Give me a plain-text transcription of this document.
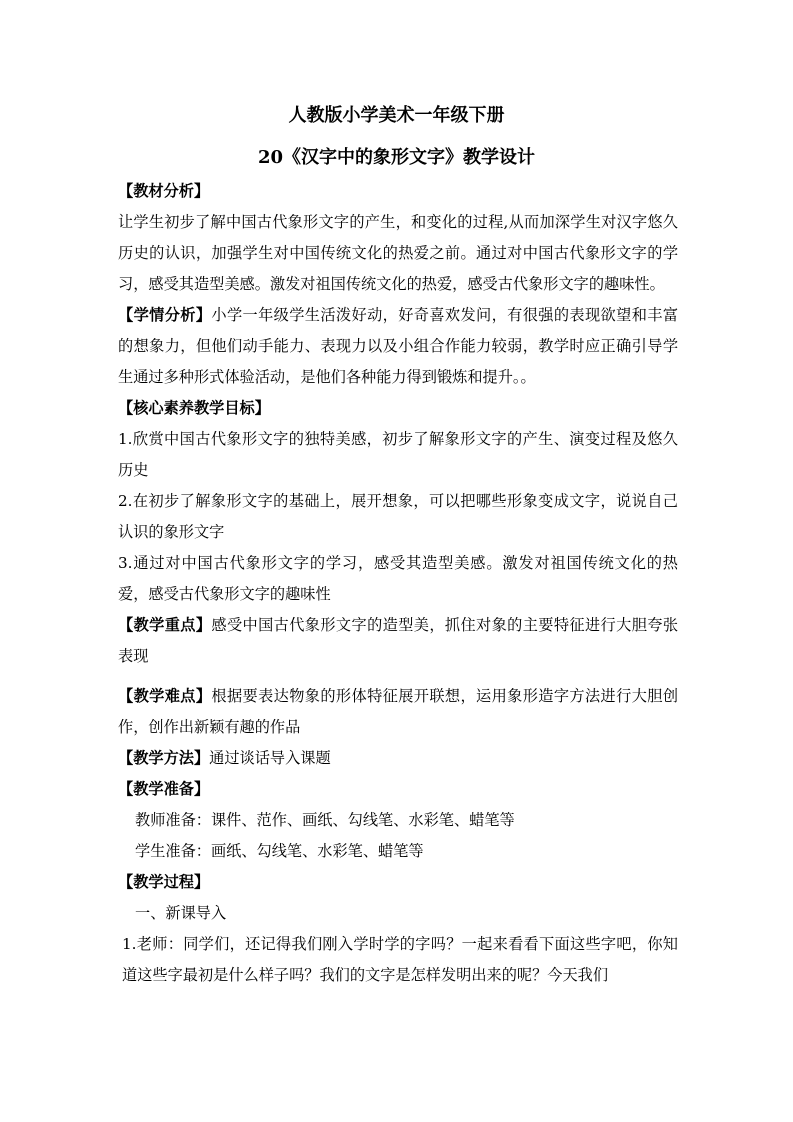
人教版小学美术一年级下册
20《汉字中的象形文字》教学设计

【教材分析】

让学生初步了解中国古代象形文字的产生，和变化的过程,从而加深学生对汉字悠久历史的认识，加强学生对中国传统文化的热爱之前。通过对中国古代象形文字的学习，感受其造型美感。激发对祖国传统文化的热爱，感受古代象形文字的趣味性。

【学情分析】小学一年级学生活泼好动，好奇喜欢发问，有很强的表现欲望和丰富的想象力，但他们动手能力、表现力以及小组合作能力较弱，教学时应正确引导学生通过多种形式体验活动，是他们各种能力得到锻炼和提升。。

【核心素养教学目标】

1.欣赏中国古代象形文字的独特美感，初步了解象形文字的产生、演变过程及悠久历史

2.在初步了解象形文字的基础上，展开想象，可以把哪些形象变成文字，说说自己认识的象形文字

3.通过对中国古代象形文字的学习，感受其造型美感。激发对祖国传统文化的热爱，感受古代象形文字的趣味性

【教学重点】感受中国古代象形文字的造型美，抓住对象的主要特征进行大胆夸张表现

【教学难点】根据要表达物象的形体特征展开联想，运用象形造字方法进行大胆创作，创作出新颖有趣的作品

【教学方法】通过谈话导入课题

【教学准备】

教师准备：课件、范作、画纸、勾线笔、水彩笔、蜡笔等

学生准备：画纸、勾线笔、水彩笔、蜡笔等

【教学过程】

一、新课导入

1.老师：同学们，还记得我们刚入学时学的字吗？一起来看看下面这些字吧，你知道这些字最初是什么样子吗？我们的文字是怎样发明出来的呢？今天我们
